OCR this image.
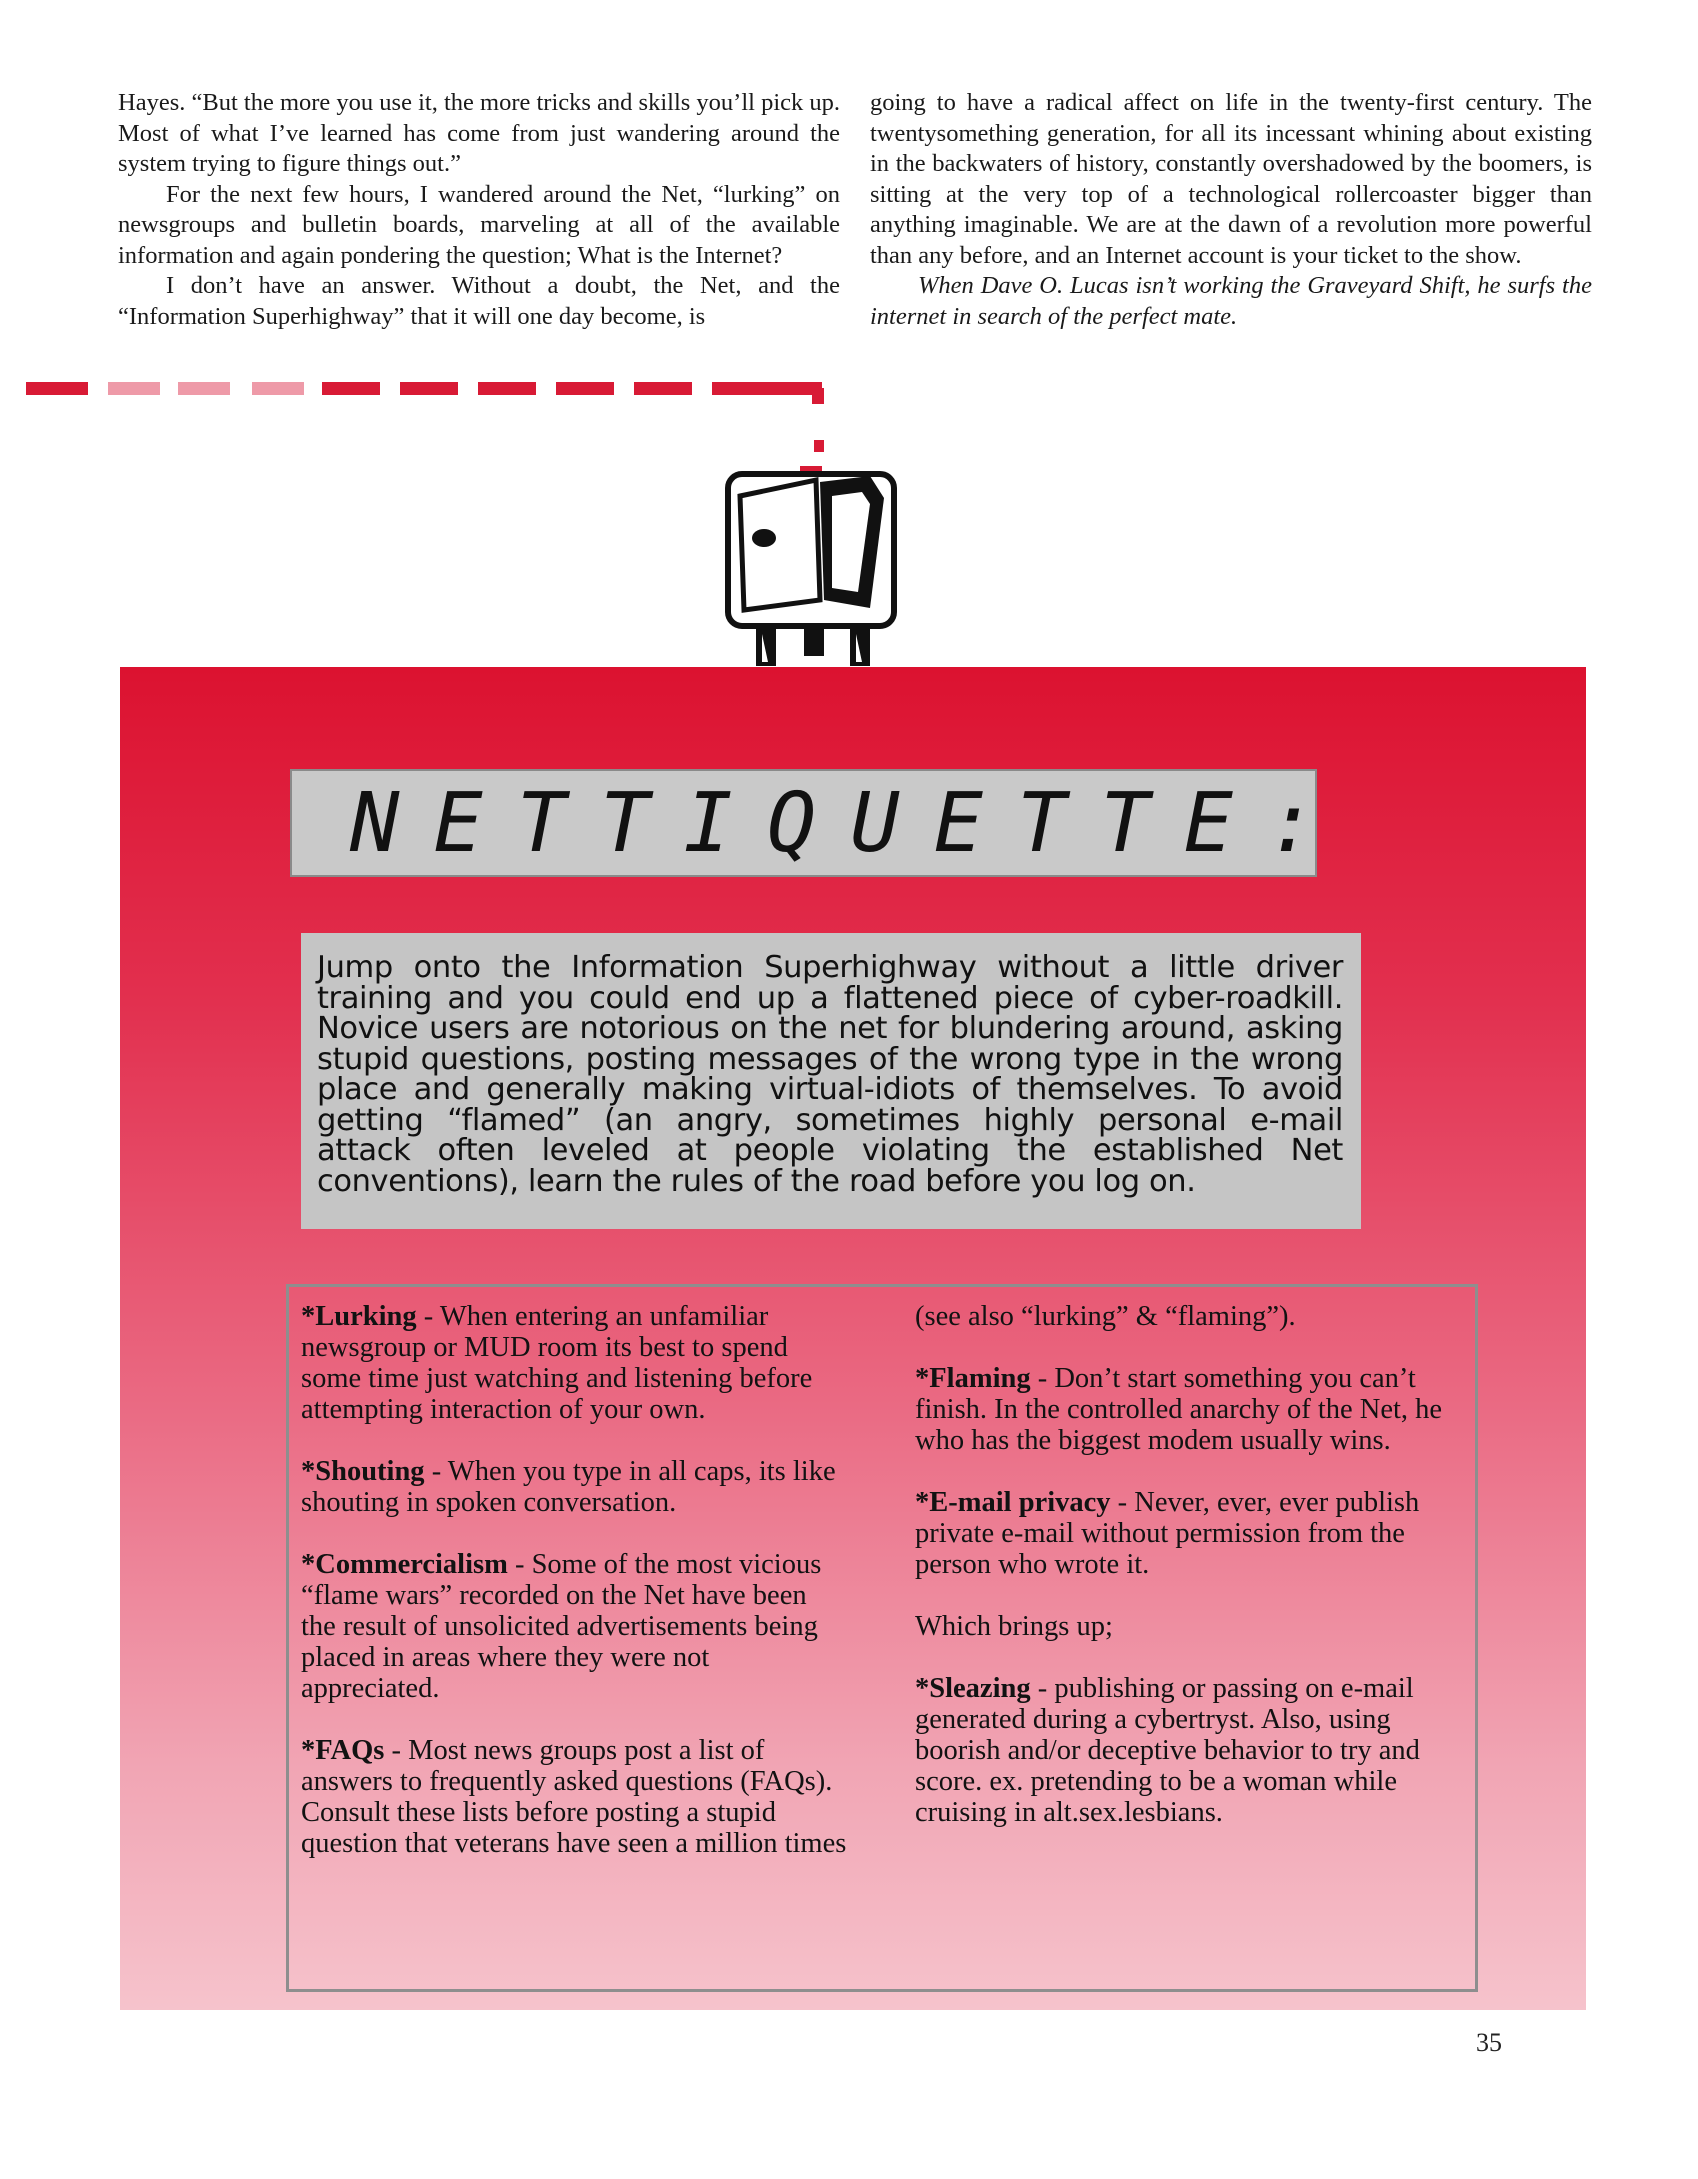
Hayes. “But the more you use it, the more tricks and skills you’ll pick up. Most of what I’ve learned has come from just wandering around the system trying to figure things out.”

For the next few hours, I wandered around the Net, “lurking” on newsgroups and bulletin boards, marveling at all of the available information and again pondering the question; What is the Internet?

I don’t have an answer. Without a doubt, the Net, and the “Information Superhighway” that it will one day become, is

going to have a radical affect on life in the twenty-first century. The twentysomething generation, for all its incessant whining about existing in the backwaters of history, constantly overshadowed by the boomers, is sitting at the very top of a technological rollercoaster bigger than anything imaginable. We are at the dawn of a revolution more powerful than any before, and an Internet account is your ticket to the show.

When Dave O. Lucas isn’t working the Graveyard Shift, he surfs the internet in search of the perfect mate.

NETTIQUETTE:
Jump onto the Information Superhighway without a little driver training and you could end up a flattened piece of cyber-roadkill. Novice users are notorious on the net for blundering around, asking stupid questions, posting messages of the wrong type in the wrong place and generally making virtual-idiots of themselves. To avoid getting “flamed” (an angry, sometimes highly personal e-mail attack often leveled at people violating the established Net conventions), learn the rules of the road before you log on.

*Lurking - When entering an unfamiliar newsgroup or MUD room its best to spend some time just watching and listening before attempting interaction of your own.

*Shouting - When you type in all caps, its like shouting in spoken conversation.

*Commercialism - Some of the most vicious “flame wars” recorded on the Net have been the result of unsolicited advertisements being placed in areas where they were not appreciated.

*FAQs - Most news groups post a list of answers to frequently asked questions (FAQs). Consult these lists before posting a stupid question that veterans have seen a million times

(see also “lurking” & “flaming”).

*Flaming - Don’t start something you can’t finish. In the controlled anarchy of the Net, he who has the biggest modem usually wins.

*E-mail privacy - Never, ever, ever publish private e-mail without permission from the person who wrote it.

Which brings up;

*Sleazing - publishing or passing on e-mail generated during a cybertryst. Also, using boorish and/or deceptive behavior to try and score. ex. pretending to be a woman while cruising in alt.sex.lesbians.

35
